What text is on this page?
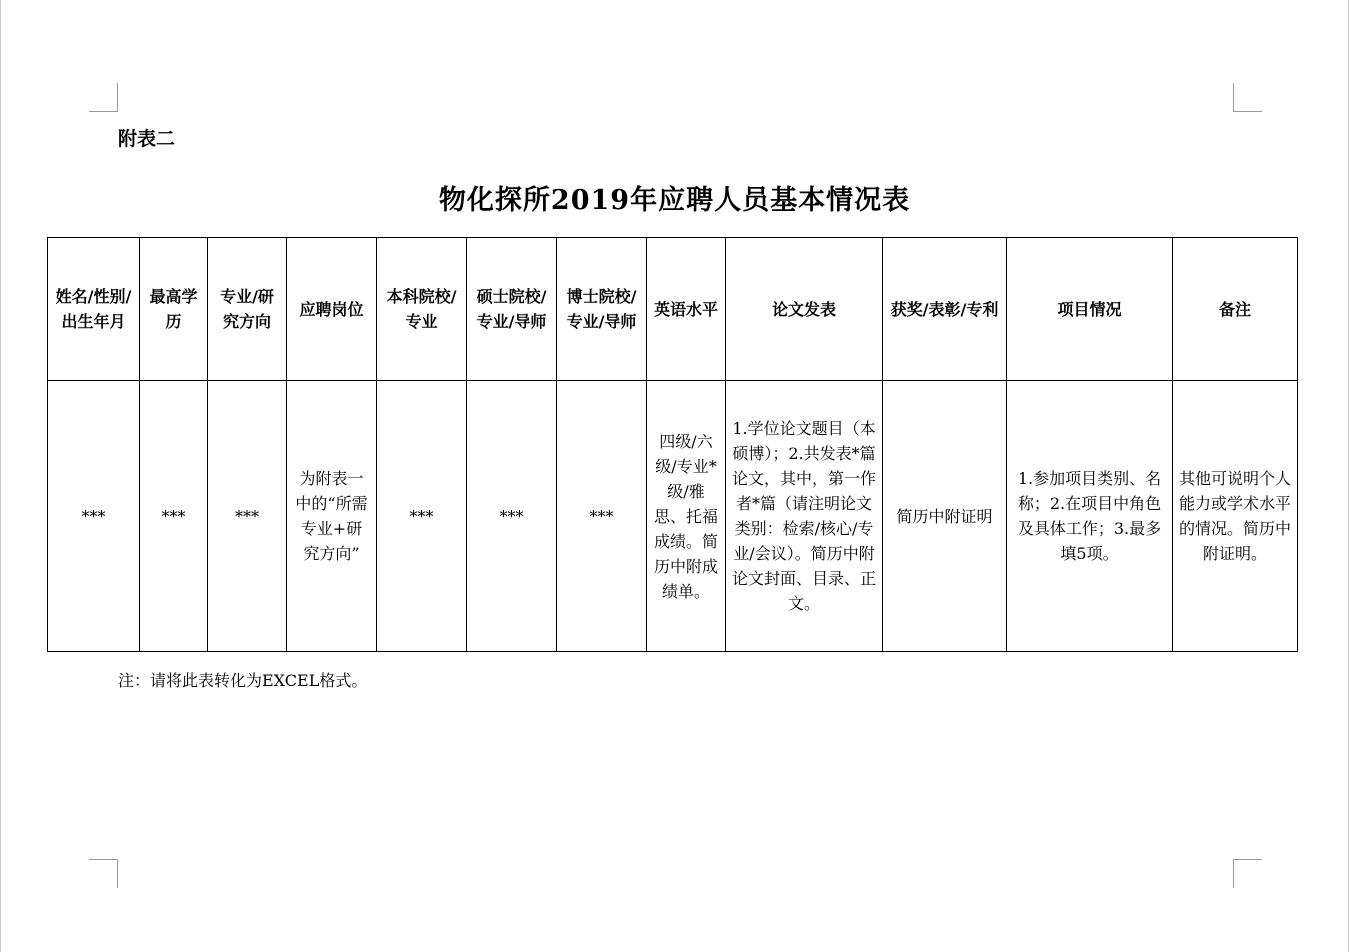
附表二
物化探所2019年应聘人员基本情况表
姓名/性别/出生年月	最高学历	专业/研究方向	应聘岗位	本科院校/专业	硕士院校/专业/导师	博士院校/专业/导师	英语水平	论文发表	获奖/表彰/专利	项目情况	备注
***	***	***	为附表一中的“所需专业+研究方向”	***	***	***	四级/六级/专业*级/雅思、托福成绩。简历中附成绩单。	1.学位论文题目（本硕博）；2.共发表*篇论文，其中，第一作者*篇（请注明论文类别：检索/核心/专业/会议）。简历中附论文封面、目录、正文。	简历中附证明	1.参加项目类别、名称；2.在项目中角色及具体工作；3.最多填5项。	其他可说明个人能力或学术水平的情况。简历中附证明。
注：请将此表转化为EXCEL格式。
